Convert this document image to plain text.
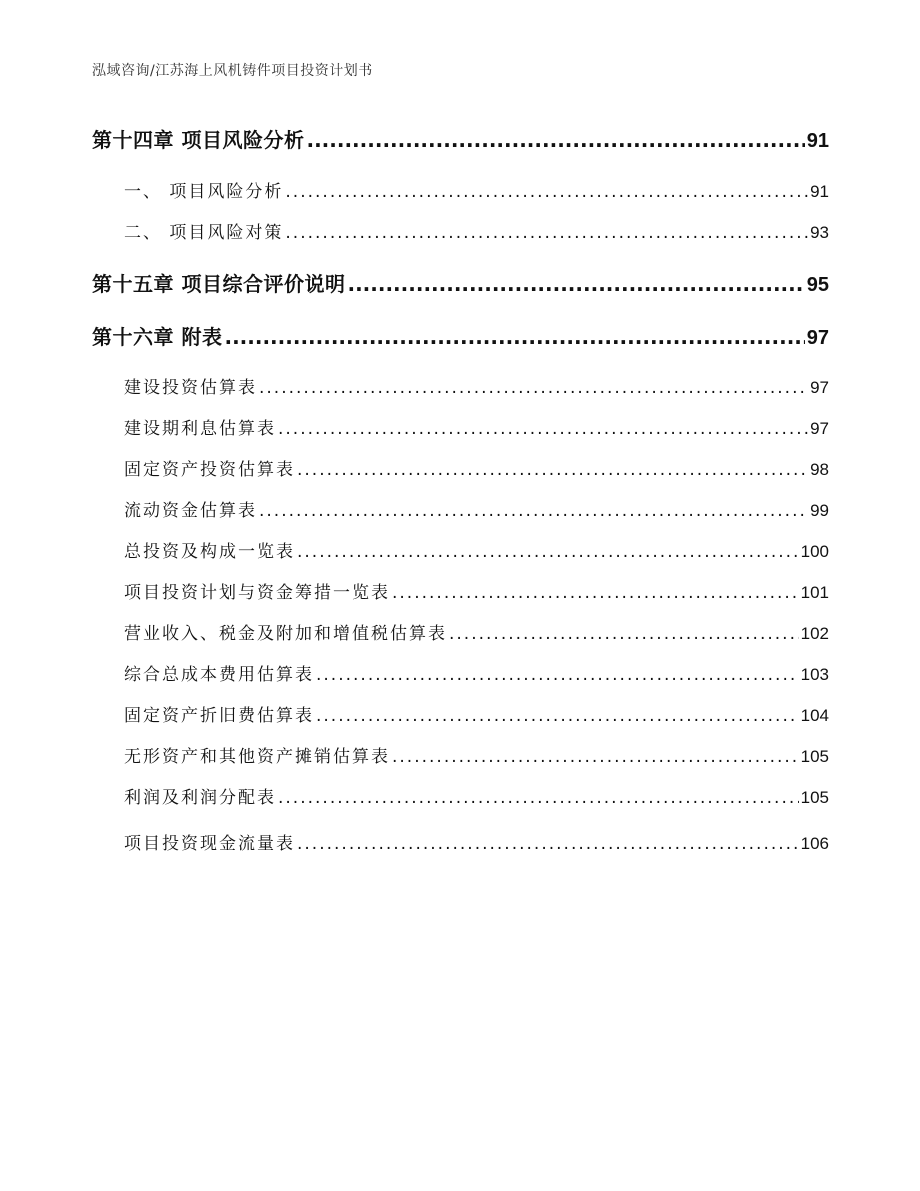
泓域咨询/江苏海上风机铸件项目投资计划书
第十四章 项目风险分析 .....	91
一、 项目风险分析 .....	91
二、 项目风险对策 .....	93
第十五章 项目综合评价说明 .....	95
第十六章 附表 .....	97
建设投资估算表 .....	97
建设期利息估算表 .....	97
固定资产投资估算表 .....	98
流动资金估算表 .....	99
总投资及构成一览表 .....	100
项目投资计划与资金筹措一览表 .....	101
营业收入、税金及附加和增值税估算表 .....	102
综合总成本费用估算表 .....	103
固定资产折旧费估算表 .....	104
无形资产和其他资产摊销估算表 .....	105
利润及利润分配表 .....	105
项目投资现金流量表 .....	106
